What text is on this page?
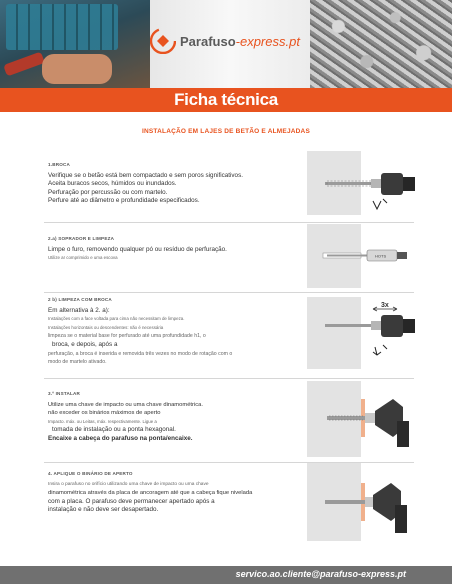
Parafuso-express.pt
Ficha técnica
INSTALAÇÃO EM LAJES DE BETÃO E ALMEJADAS
1.BROCA
Verifique se o betão está bem compactado e sem poros significativos.
Aceita buracos secos, húmidos ou inundados.
Perfuração por percussão ou com martelo.
Perfure até ao diâmetro e profundidade especificados.
2.a) SOPRADOR E LIMPEZA
Limpe o furo, removendo qualquer pó ou resíduo de perfuração.
Utilize ar comprimido e uma escova	HOTS
2 b) LIMPEZA COM BROCA
Em alternativa à 2. a):
Instalações com a face voltada para cima não necessitam de limpeza.
Instalações horizontais ou descendentes: não é necessária
limpeza se o material base for perfurado até uma profundidade h1, o
broca, e depois, após a
perfuração, a broca é inserida e removida três vezes no modo de rotação com o
modo de martelo ativado.
3x
3.º INSTALAR
Utilize uma chave de impacto ou uma chave dinamométrica.
não exceder os binários máximos de aperto
Impacto. máx. ou Leitas, máx. respectivamente. Ligue a
tomada de instalação ou a ponta hexagonal.
Encaixe a cabeça do parafuso na ponta/encaixe.
4. APLIQUE O BINÁRIO DE APERTO
Insira o parafuso no orifício utilizando uma chave de impacto ou uma chave
dinamométrica através da placa de ancoragem até que a cabeça fique nivelada
com a placa. O parafuso deve permanecer apertado após a
instalação e não deve ser desapertado.
servico.ao.cliente@parafuso-express.pt
